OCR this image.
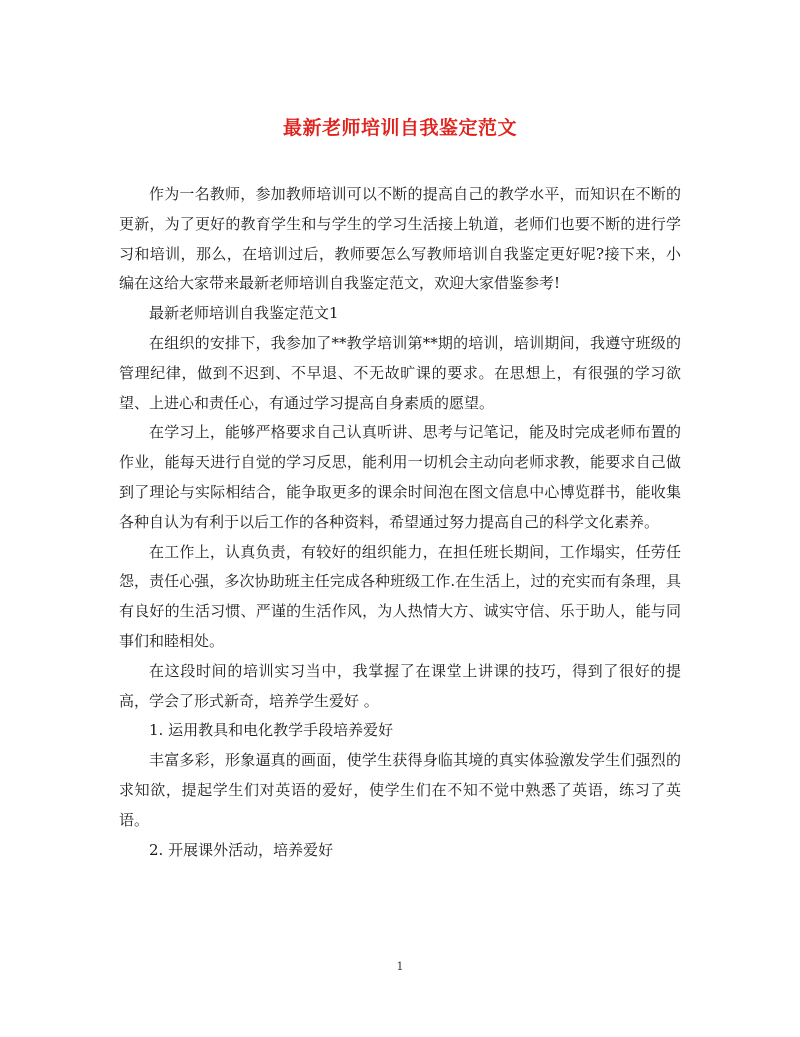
最新老师培训自我鉴定范文

作为一名教师，参加教师培训可以不断的提高自己的教学水平，而知识在不断的更新，为了更好的教育学生和与学生的学习生活接上轨道，老师们也要不断的进行学习和培训，那么，在培训过后，教师要怎么写教师培训自我鉴定更好呢?接下来，小编在这给大家带来最新老师培训自我鉴定范文，欢迎大家借鉴参考!

最新老师培训自我鉴定范文1

在组织的安排下，我参加了**教学培训第**期的培训，培训期间，我遵守班级的管理纪律，做到不迟到、不早退、不无故旷课的要求。在思想上，有很强的学习欲望、上进心和责任心，有通过学习提高自身素质的愿望。

在学习上，能够严格要求自己认真听讲、思考与记笔记，能及时完成老师布置的作业，能每天进行自觉的学习反思，能利用一切机会主动向老师求教，能要求自己做到了理论与实际相结合，能争取更多的课余时间泡在图文信息中心博览群书，能收集各种自认为有利于以后工作的各种资料，希望通过努力提高自己的科学文化素养。

在工作上，认真负责，有较好的组织能力，在担任班长期间，工作塌实，任劳任怨，责任心强，多次协助班主任完成各种班级工作.在生活上，过的充实而有条理，具有良好的生活习惯、严谨的生活作风，为人热情大方、诚实守信、乐于助人，能与同事们和睦相处。

在这段时间的培训实习当中，我掌握了在课堂上讲课的技巧，得到了很好的提高，学会了形式新奇，培养学生爱好 。

1. 运用教具和电化教学手段培养爱好

丰富多彩，形象逼真的画面，使学生获得身临其境的真实体验激发学生们强烈的求知欲，提起学生们对英语的爱好，使学生们在不知不觉中熟悉了英语，练习了英语。

2. 开展课外活动，培养爱好

1
